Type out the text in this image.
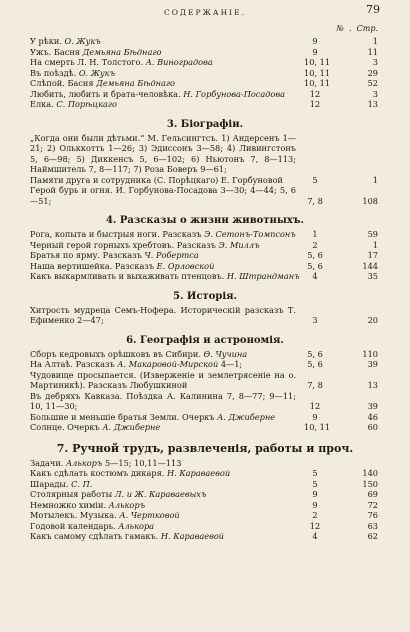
СОДЕРЖАНІЕ.	79
№  .  Стр.
У рѣки. О. Жукъ	9	1
Ужъ. Басня Демьяна Бѣднаго	9	11
На смерть Л. Н. Толстого. А. Виноградова	10, 11	3
Въ поѣздѣ. О. Жукъ	10, 11	29
Слѣпой. Басня Демьяна Бѣднаго	10, 11	52
Любить, любить и брата-человѣка. Н. Горбунова-Посадова	12	3
Елка. С. Порѣцкаго	12	13
3. Біографіи.
„Когда они были дѣтьми.“ М. Гельсингтсъ. 1) Андерсенъ 1—21; 2) Ольккотть 1—26; 3) Эдиссонъ 3—58; 4) Ливингстонъ 5, 6—98; 5) Диккенсъ 5, 6—102; 6) Ньютонъ 7, 8—113; Наймшитель 7, 8—117; 7) Роза Боверъ 9—61;
Памяти друга и сотрудника (С. Порѣцкаго) Е. Горбуновой	5	1
Герой бурь и огня. И. Горбунова-Посадова 3—30; 4—44; 5, 6—51;	7, 8	108
4. Разсказы о жизни животныхъ.
Рога, копыта и быстрыя ноги. Разсказъ Э. Сетонъ-Томпсонъ	1	59
Черный герой горныхъ хребтовъ. Разсказъ Э. Миллъ	2	1
Братья по ярму. Разсказъ Ч. Робертса	5, 6	17
Наша вертишейка. Разсказъ Е. Орловской	5, 6	144
Какъ выкармливать и выхаживать птенцовъ. Н. Штрандманъ	4	35
5. Исторія.
Хитрость мудреца Семъ-Нофера. Историческій разсказъ Т. Ефименко 2—47;	3	20
6. Географія и астрономія.
Сборъ кедровыхъ орѣшковъ въ Сибири. Ѳ. Чучина	5, 6	110
На Алтаѣ. Разсказъ А. Макаровой-Мирской 4—1;	5, 6	39
Чудовище просыпается. (Изверженіе и землетрясеніе на о. Мартиникѣ). Разсказъ Любушкиной	7, 8	13
Въ дебряхъ Кавказа. Поѣздка А. Калинина 7, 8—77; 9—11; 10, 11—30;	12	39
Большие и меньшіе братья Земли. Очеркъ А. Джиберне	9	46
Солнце. Очеркъ А. Джиберне	10, 11	60
7. Ручной трудъ, развлеченія, работы и проч.
Задачи. Алькоръ 5—15; 10,11—113
Какъ сдѣлать костюмъ дикаря. Н. Караваевой	5	140
Шарады. С. П.	5	150
Столярныя работы Л. и Ж. Караваевыхъ	9	69
Немножко химіи. Алькоръ	9	72
Мотылекъ. Музыка. А. Чертковой	2	76
Годовой календарь. Алькора	12	63
Какъ самому сдѣлать гамакъ. Н. Караваевой	4	62
